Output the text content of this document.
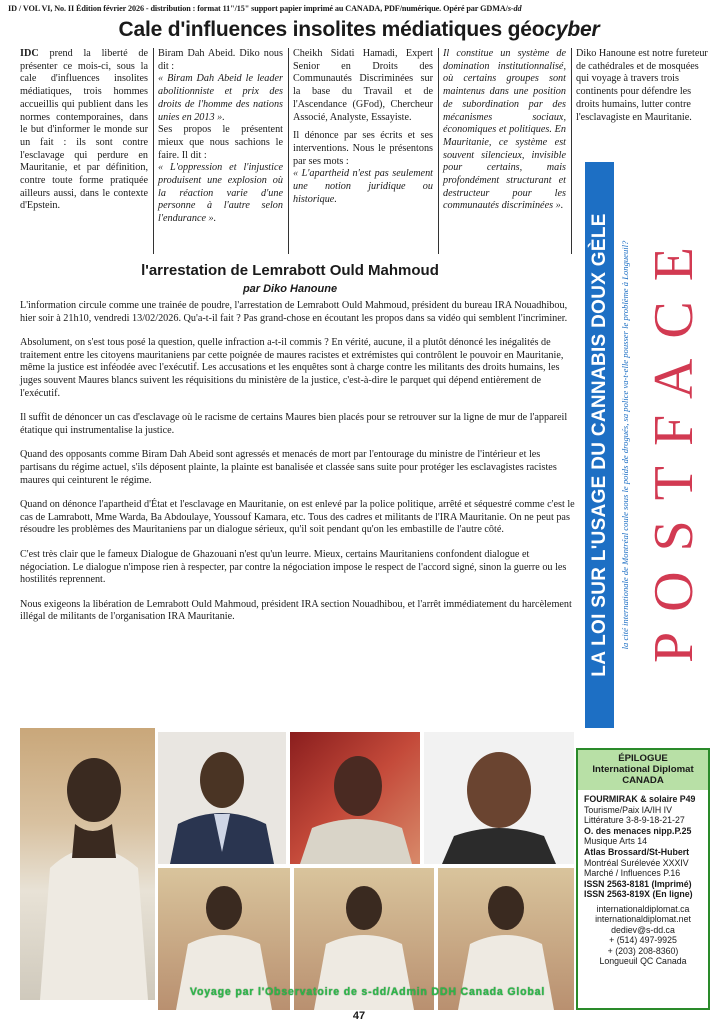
ID / VOL VI, No. II Édition février 2026 - distribution : format 11"/15" support papier imprimé au CANADA, PDF/numérique. Opéré par GDMA/s-dd
Cale d'influences insolites médiatiques géocyber

IDC prend la liberté de présenter ce mois-ci, sous la cale d'influences insolites médiatiques, trois hommes accueillis qui publient dans les normes contemporaines, dans le but d'informer le monde sur un fait : ils sont contre l'esclavage qui perdure en Mauritanie, et par définition, contre toute forme pratiquée ailleurs aussi, dans le contexte d'Epstein.

Biram Dah Abeid. Diko nous dit :
« Biram Dah Abeid le leader abolitionniste et prix des droits de l'homme des nations unies en 2013 ».
Ses propos le présentent mieux que nous sachions le faire. Il dit :
« L'oppression et l'injustice produisent une explosion où la réaction varie d'une personne à l'autre selon l'endurance ».

Cheikh Sidati Hamadi, Expert Senior en Droits des Communautés Discriminées sur la base du Travail et de l'Ascendance (GFod), Chercheur Associé, Analyste, Essayiste.

Il dénonce par ses écrits et ses interventions. Nous le présentons par ses mots :
« L'apartheid n'est pas seulement une notion juridique ou historique.
Il constitue un système de domination institutionnalisé, où certains groupes sont maintenus dans une position de subordination par des mécanismes sociaux, économiques et politiques. En Mauritanie, ce système est souvent silencieux, invisible pour certains, mais profondément structurant et destructeur pour les communautés discriminées ».
Diko Hanoune est notre fureteur de cathédrales et de mosquées qui voyage à travers trois continents pour défendre les droits humains, lutter contre l'esclavagiste en Mauritanie.
l'arrestation de Lemrabott Ould Mahmoud
par Diko Hanoune

L'information circule comme une trainée de poudre, l'arrestation de Lemrabott Ould Mahmoud, président du bureau IRA Nouadhibou, hier soir à 21h10, vendredi 13/02/2026. Qu'a-t-il fait ? Pas grand-chose en écoutant les propos dans sa vidéo qui semblent l'incriminer.

Absolument, on s'est tous posé la question, quelle infraction a-t-il commis ? En vérité, aucune, il a plutôt dénoncé les inégalités de traitement entre les citoyens mauritaniens par cette poignée de maures racistes et extrémistes qui contrôlent le pouvoir en Mauritanie, même la justice est inféodée avec l'exécutif. Les accusations et les enquêtes sont à charge contre les militants des droits humains, les juges souvent Maures blancs suivent les réquisitions du ministère de la justice, c'est-à-dire le parquet qui dépend entièrement de l'exécutif.

Il suffit de dénoncer un cas d'esclavage où le racisme de certains Maures bien placés pour se retrouver sur la ligne de mur de l'appareil étatique qui instrumentalise la justice.

Quand des opposants comme Biram Dah Abeid sont agressés et menacés de mort par l'entourage du ministre de l'intérieur et les partisans du régime actuel, s'ils déposent plainte, la plainte est banalisée et classée sans suite pour protéger les esclavagistes racistes maures qui ceinturent le régime.

Quand on dénonce l'apartheid d'État et l'esclavage en Mauritanie, on est enlevé par la police politique, arrêté et séquestré comme c'est le cas de Lamrabott, Mme Warda, Ba Abdoulaye, Youssouf Kamara, etc. Tous des cadres et militants de l'IRA Mauritanie. On ne peut pas résoudre les problèmes des Mauritaniens par un dialogue sérieux, qu'il soit pendant qu'on les embastille de l'autre côté.

C'est très clair que le fameux Dialogue de Ghazouani n'est qu'un leurre. Mieux, certains Mauritaniens confondent dialogue et négociation. Le dialogue n'impose rien à respecter, par contre la négociation impose le respect de l'accord signé, sinon la guerre ou les hostilités reprennent.

Nous exigeons la libération de Lemrabott Ould Mahmoud, président IRA section Nouadhibou, et l'arrêt immédiatement du harcèlement illégal de militants de l'organisation IRA Mauritanie.	LA LOI SUR L'USAGE DU CANNABIS DOUX GÈLE la cité internationale de Montréal coule sous le poids de drogués, sa police va-t-elle pousser le problème à Longueuil? POSTFACE
Voyage par l'Observatoire de s-dd/Admin DDH Canada Global
ÉPILOGUE
International Diplomat
CANADA
FOURMIRAK & solaire P49
Tourisme/Paix IA/IH IV
Littérature 3-8-9-18-21-27
O. des menaces nipp.P.25
Musique Arts 14
Atlas Brossard/St-Hubert
Montréal Surélevée XXXIV
Marché / Influences P.16
ISSN 2563-8181 (Imprimé)
ISSN 2563-819X (En ligne)
internationaldiplomat.ca
internationaldiplomat.net
dediev@s-dd.ca
+ (514) 497-9925
+ (203) 208-8360)
Longueuil QC Canada
47
